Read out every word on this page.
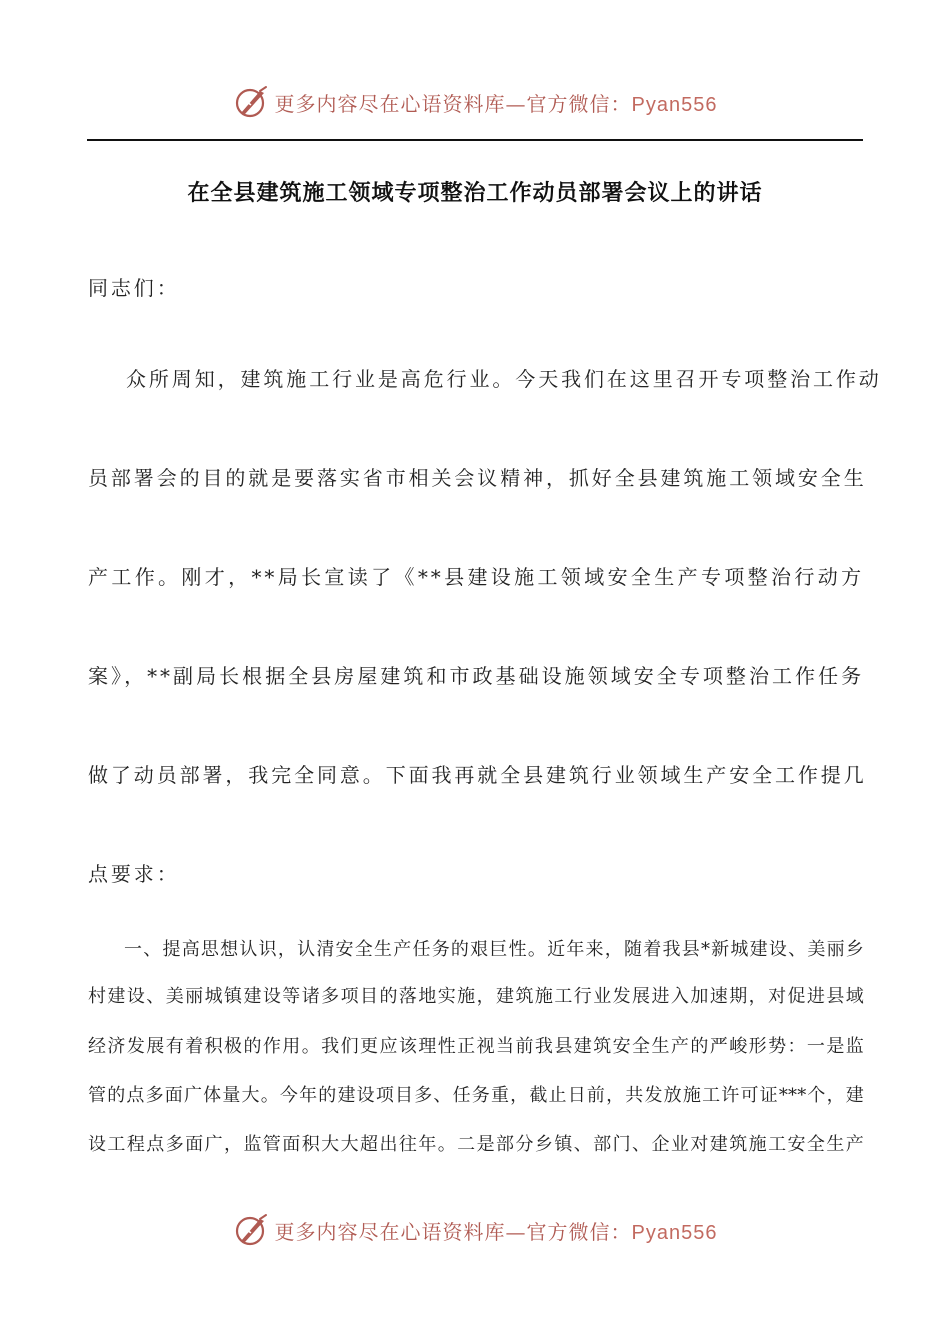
更多内容尽在心语资料库—官方微信：Pyan556
在全县建筑施工领域专项整治工作动员部署会议上的讲话
同志们：
众所周知，建筑施工行业是高危行业。今天我们在这里召开专项整治工作动
员部署会的目的就是要落实省市相关会议精神，抓好全县建筑施工领域安全生
产工作。刚才，**局长宣读了《**县建设施工领域安全生产专项整治行动方
案》，**副局长根据全县房屋建筑和市政基础设施领域安全专项整治工作任务
做了动员部署，我完全同意。下面我再就全县建筑行业领域生产安全工作提几
点要求：
一、提高思想认识，认清安全生产任务的艰巨性。近年来，随着我县*新城建设、美丽乡
村建设、美丽城镇建设等诸多项目的落地实施，建筑施工行业发展进入加速期，对促进县域
经济发展有着积极的作用。我们更应该理性正视当前我县建筑安全生产的严峻形势：一是监
管的点多面广体量大。今年的建设项目多、任务重，截止日前，共发放施工许可证***个，建
设工程点多面广，监管面积大大超出往年。二是部分乡镇、部门、企业对建筑施工安全生产
更多内容尽在心语资料库—官方微信：Pyan556
